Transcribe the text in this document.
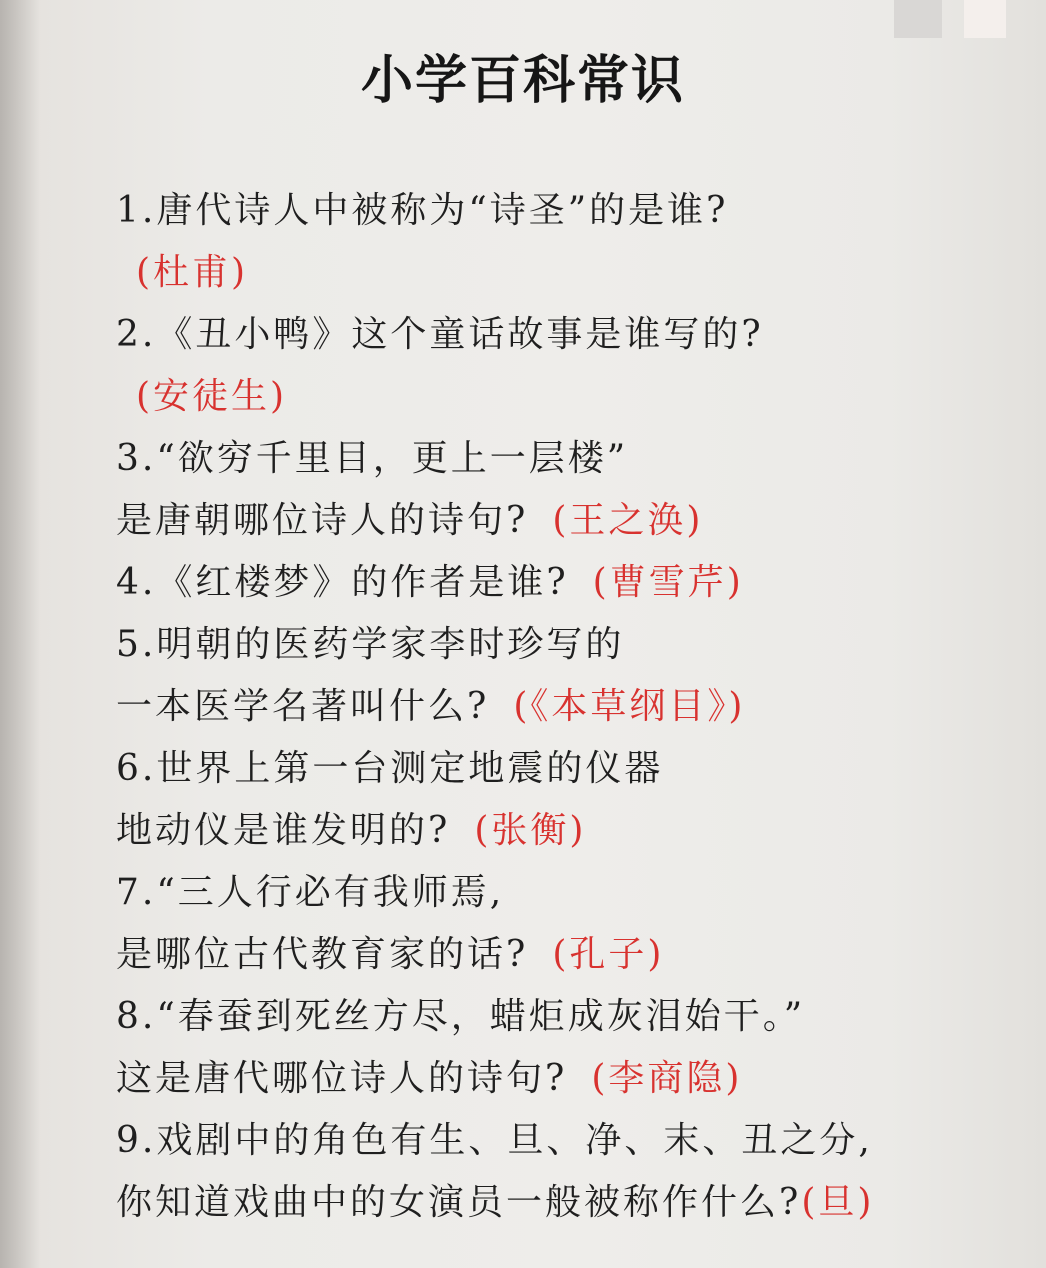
小学百科常识
1.唐代诗人中被称为“诗圣”的是谁?
(杜甫)
2.《丑小鸭》这个童话故事是谁写的?
(安徒生)
3.“欲穷千里目，更上一层楼”
是唐朝哪位诗人的诗句? (王之涣)
4.《红楼梦》的作者是谁? (曹雪芹)
5.明朝的医药学家李时珍写的
一本医学名著叫什么? (《本草纲目》)
6.世界上第一台测定地震的仪器
地动仪是谁发明的? (张衡)
7.“三人行必有我师焉,
是哪位古代教育家的话? (孔子)
8.“春蚕到死丝方尽，蜡炬成灰泪始干。”
这是唐代哪位诗人的诗句? (李商隐)
9.戏剧中的角色有生、旦、净、末、丑之分,
你知道戏曲中的女演员一般被称作什么?(旦)
